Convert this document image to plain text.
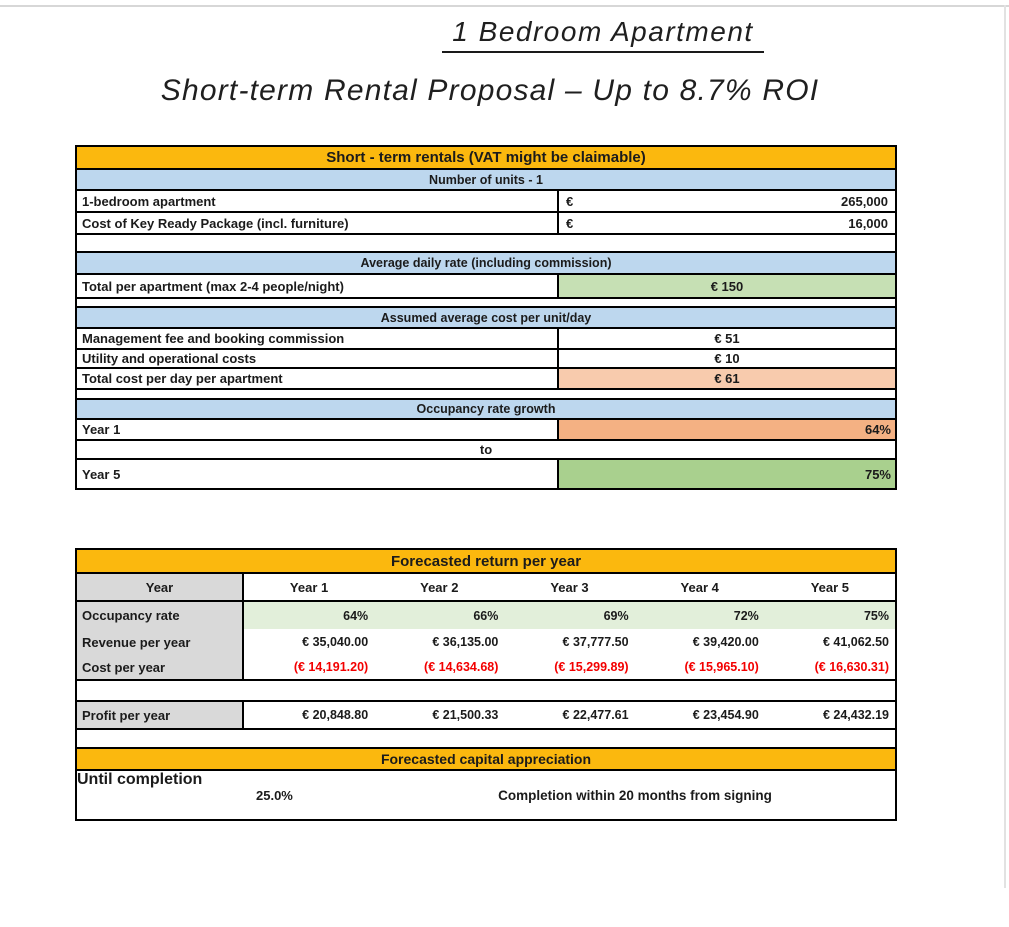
1 Bedroom Apartment
Short-term Rental Proposal – Up to 8.7% ROI
Short - term rentals (VAT might be claimable)
Number of units - 1
1-bedroom apartment	€	265,000
Cost of Key Ready Package (incl. furniture)	€	16,000
Average daily rate (including commission)
Total per apartment (max 2-4 people/night)	€ 150
Assumed average cost per unit/day
Management fee and booking commission	€ 51
Utility and operational costs	€ 10
Total cost per day per apartment	€ 61
Occupancy rate growth
Year 1	64%
to
Year 5	75%
Forecasted return per year
Year	Year 1	Year 2	Year 3	Year 4	Year 5
Occupancy rate	64%	66%	69%	72%	75%
Revenue per year	€ 35,040.00	€ 36,135.00	€ 37,777.50	€ 39,420.00	€ 41,062.50
Cost per year	(€ 14,191.20)	(€ 14,634.68)	(€ 15,299.89)	(€ 15,965.10)	(€ 16,630.31)
Profit per year	€ 20,848.80	€ 21,500.33	€ 22,477.61	€ 23,454.90	€ 24,432.19
Forecasted capital appreciation
Until completion
25.0%	Completion within 20 months from signing
